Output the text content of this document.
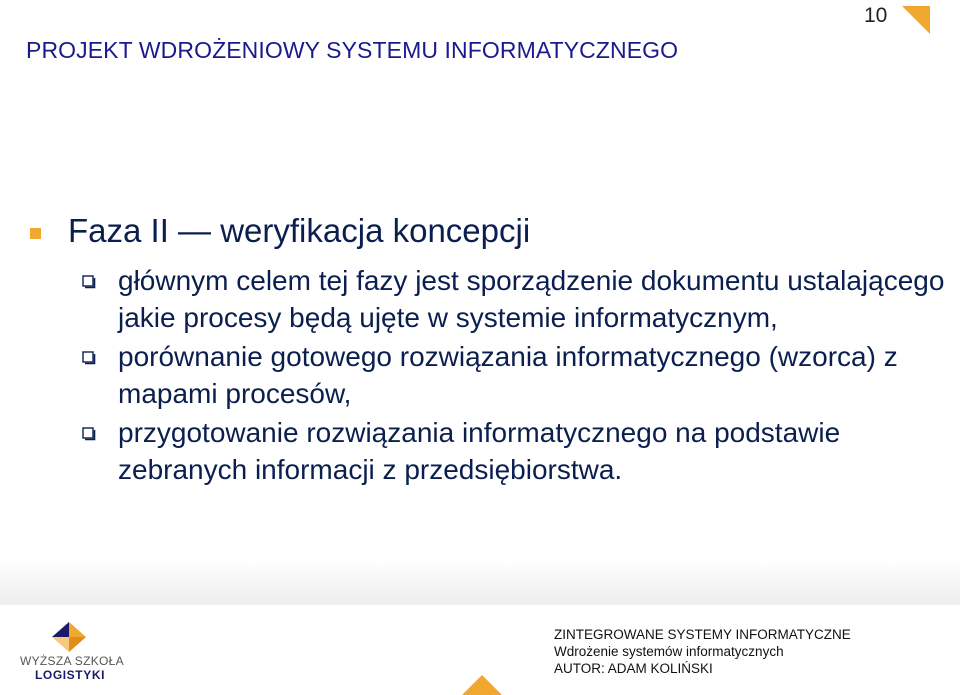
PROJEKT WDROŻENIOWY SYSTEMU INFORMATYCZNEGO
10
Faza II — weryfikacja koncepcji
głównym celem tej fazy jest sporządzenie dokumentu ustalającego jakie procesy będą ujęte w systemie informatycznym,
porównanie gotowego rozwiązania informatycznego (wzorca) z mapami procesów,
przygotowanie rozwiązania informatycznego na podstawie zebranych informacji z przedsiębiorstwa.
WYŻSZA SZKOŁA
LOGISTYKI
ZINTEGROWANE SYSTEMY INFORMATYCZNE
Wdrożenie systemów informatycznych
AUTOR: ADAM KOLIŃSKI
